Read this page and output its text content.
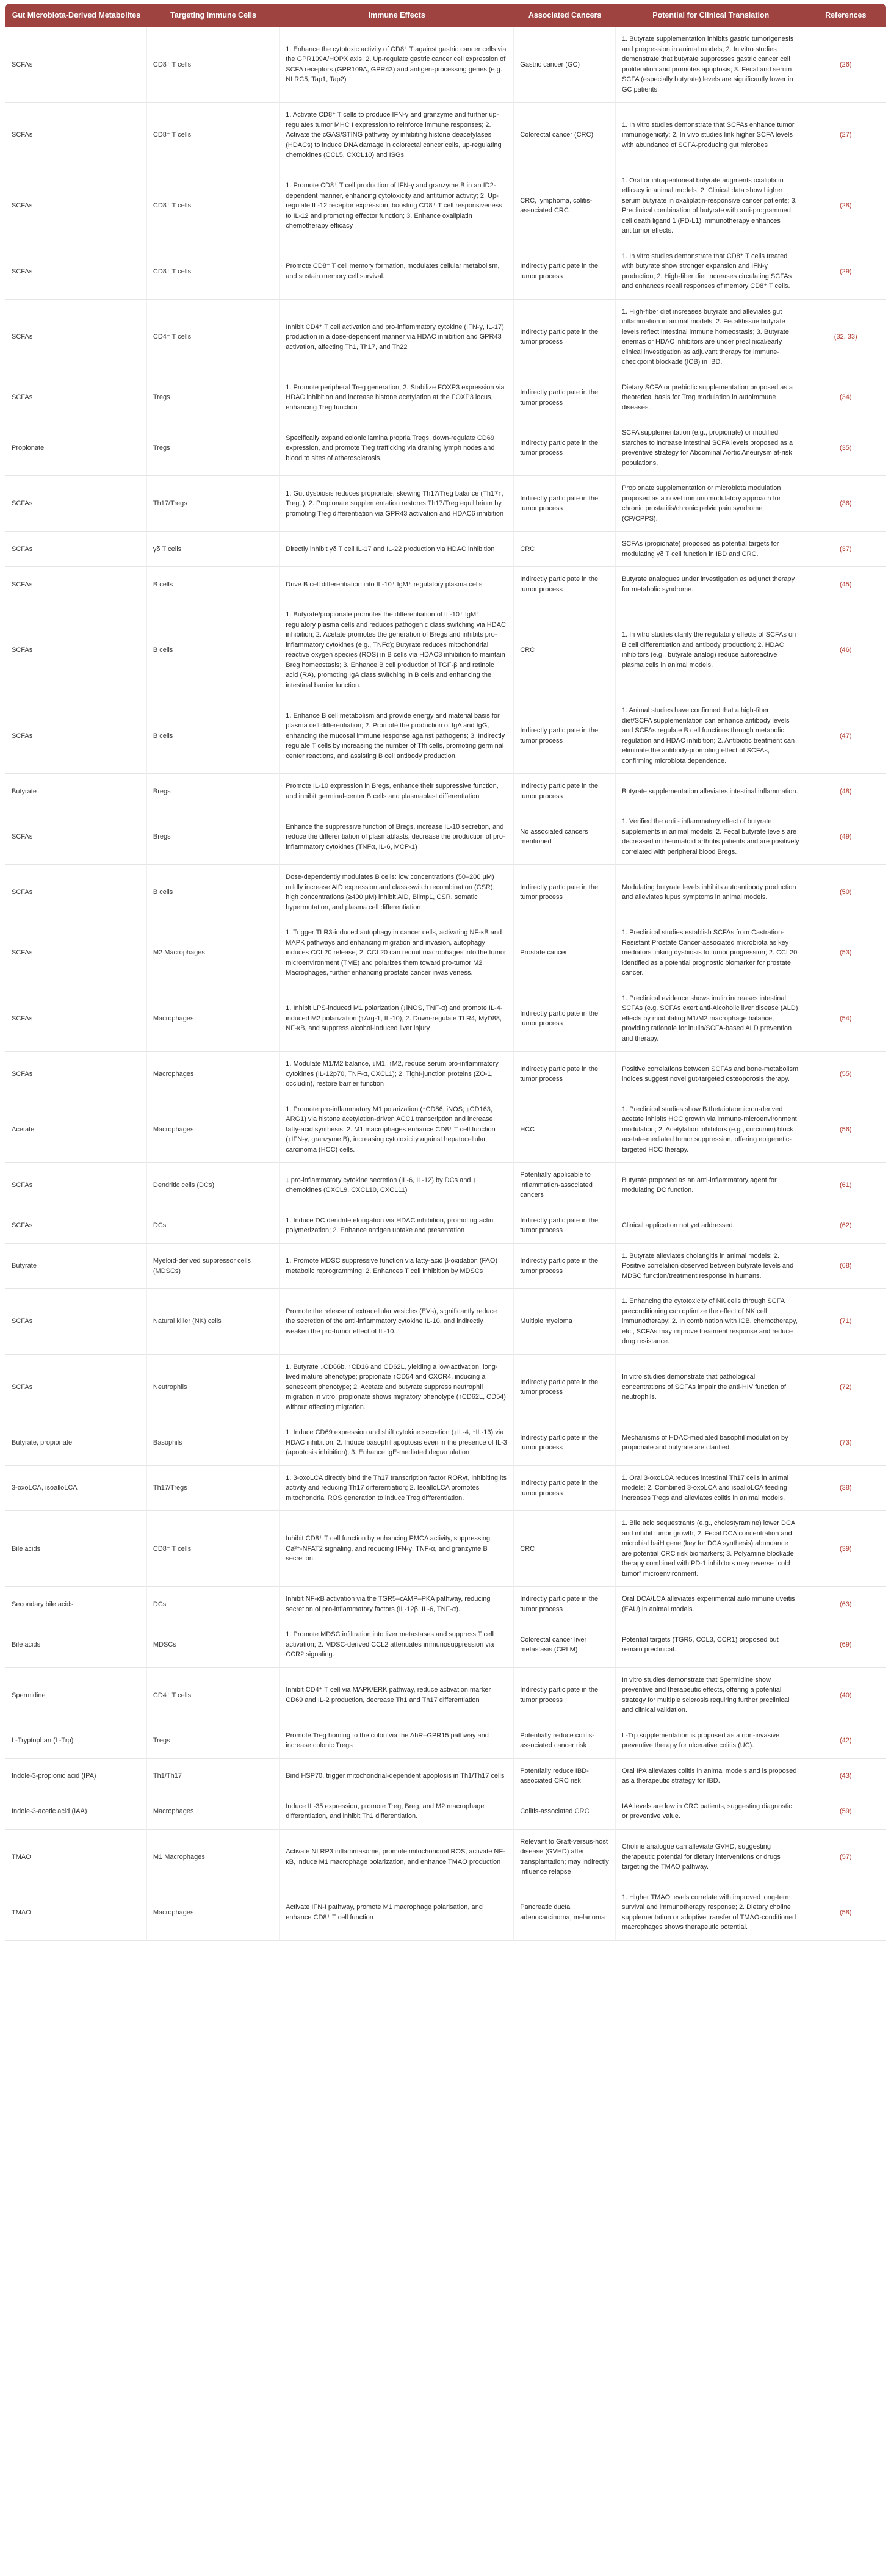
Gut Microbiota-Derived Metabolites	Targeting Immune Cells	Immune Effects	Associated Cancers	Potential for Clinical Translation	References
SCFAs	CD8⁺ T cells	1. Enhance the cytotoxic activity of CD8⁺ T against gastric cancer cells via the GPR109A/HOPX axis; 2. Up-regulate gastric cancer cell expression of SCFA receptors (GPR109A, GPR43) and antigen-processing genes (e.g. NLRC5, Tap1, Tap2)	Gastric cancer (GC)	1. Butyrate supplementation inhibits gastric tumorigenesis and progression in animal models; 2. In vitro studies demonstrate that butyrate suppresses gastric cancer cell proliferation and promotes apoptosis; 3. Fecal and serum SCFA (especially butyrate) levels are significantly lower in GC patients.	(26)
SCFAs	CD8⁺ T cells	1. Activate CD8⁺ T cells to produce IFN-γ and granzyme and further up-regulates tumor MHC I expression to reinforce immune responses; 2. Activate the cGAS/STING pathway by inhibiting histone deacetylases (HDACs) to induce DNA damage in colorectal cancer cells, up-regulating chemokines (CCL5, CXCL10) and ISGs	Colorectal cancer (CRC)	1. In vitro studies demonstrate that SCFAs enhance tumor immunogenicity; 2. In vivo studies link higher SCFA levels with abundance of SCFA-producing gut microbes	(27)
SCFAs	CD8⁺ T cells	1. Promote CD8⁺ T cell production of IFN-γ and granzyme B in an ID2-dependent manner, enhancing cytotoxicity and antitumor activity; 2. Up-regulate IL-12 receptor expression, boosting CD8⁺ T cell responsiveness to IL-12 and promoting effector function; 3. Enhance oxaliplatin chemotherapy efficacy	CRC, lymphoma, colitis-associated CRC	1. Oral or intraperitoneal butyrate augments oxaliplatin efficacy in animal models; 2. Clinical data show higher serum butyrate in oxaliplatin-responsive cancer patients; 3. Preclinical combination of butyrate with anti-programmed cell death ligand 1 (PD-L1) immunotherapy enhances antitumor effects.	(28)
SCFAs	CD8⁺ T cells	Promote CD8⁺ T cell memory formation, modulates cellular metabolism, and sustain memory cell survival.	Indirectly participate in the tumor process	1. In vitro studies demonstrate that CD8⁺ T cells treated with butyrate show stronger expansion and IFN-γ production; 2. High-fiber diet increases circulating SCFAs and enhances recall responses of memory CD8⁺ T cells.	(29)
SCFAs	CD4⁺ T cells	Inhibit CD4⁺ T cell activation and pro-inflammatory cytokine (IFN-γ, IL-17) production in a dose-dependent manner via HDAC inhibition and GPR43 activation, affecting Th1, Th17, and Th22	Indirectly participate in the tumor process	1. High-fiber diet increases butyrate and alleviates gut inflammation in animal models; 2. Fecal/tissue butyrate levels reflect intestinal immune homeostasis; 3. Butyrate enemas or HDAC inhibitors are under preclinical/early clinical investigation as adjuvant therapy for immune-checkpoint blockade (ICB) in IBD.	(32, 33)
SCFAs	Tregs	1. Promote peripheral Treg generation; 2. Stabilize FOXP3 expression via HDAC inhibition and increase histone acetylation at the FOXP3 locus, enhancing Treg function	Indirectly participate in the tumor process	Dietary SCFA or prebiotic supplementation proposed as a theoretical basis for Treg modulation in autoimmune diseases.	(34)
Propionate	Tregs	Specifically expand colonic lamina propria Tregs, down-regulate CD69 expression, and promote Treg trafficking via draining lymph nodes and blood to sites of atherosclerosis.	Indirectly participate in the tumor process	SCFA supplementation (e.g., propionate) or modified starches to increase intestinal SCFA levels proposed as a preventive strategy for Abdominal Aortic Aneurysm at-risk populations.	(35)
SCFAs	Th17/Tregs	1. Gut dysbiosis reduces propionate, skewing Th17/Treg balance (Th17↑, Treg↓); 2. Propionate supplementation restores Th17/Treg equilibrium by promoting Treg differentiation via GPR43 activation and HDAC6 inhibition	Indirectly participate in the tumor process	Propionate supplementation or microbiota modulation proposed as a novel immunomodulatory approach for chronic prostatitis/chronic pelvic pain syndrome (CP/CPPS).	(36)
SCFAs	γδ T cells	Directly inhibit γδ T cell IL-17 and IL-22 production via HDAC inhibition	CRC	SCFAs (propionate) proposed as potential targets for modulating γδ T cell function in IBD and CRC.	(37)
SCFAs	B cells	Drive B cell differentiation into IL-10⁺ IgM⁺ regulatory plasma cells	Indirectly participate in the tumor process	Butyrate analogues under investigation as adjunct therapy for metabolic syndrome.	(45)
SCFAs	B cells	1. Butyrate/propionate promotes the differentiation of IL-10⁺ IgM⁺ regulatory plasma cells and reduces pathogenic class switching via HDAC inhibition; 2. Acetate promotes the generation of Bregs and inhibits pro-inflammatory cytokines (e.g., TNFα); Butyrate reduces mitochondrial reactive oxygen species (ROS) in B cells via HDAC3 inhibition to maintain Breg homeostasis; 3. Enhance B cell production of TGF-β and retinoic acid (RA), promoting IgA class switching in B cells and enhancing the intestinal barrier function.	CRC	1. In vitro studies clarify the regulatory effects of SCFAs on B cell differentiation and antibody production; 2. HDAC inhibitors (e.g., butyrate analog) reduce autoreactive plasma cells in animal models.	(46)
SCFAs	B cells	1. Enhance B cell metabolism and provide energy and material basis for plasma cell differentiation; 2. Promote the production of IgA and IgG, enhancing the mucosal immune response against pathogens; 3. Indirectly regulate T cells by increasing the number of Tfh cells, promoting germinal center reactions, and assisting B cell antibody production.	Indirectly participate in the tumor process	1. Animal studies have confirmed that a high-fiber diet/SCFA supplementation can enhance antibody levels and SCFAs regulate B cell functions through metabolic regulation and HDAC inhibition; 2. Antibiotic treatment can eliminate the antibody-promoting effect of SCFAs, confirming microbiota dependence.	(47)
Butyrate	Bregs	Promote IL-10 expression in Bregs, enhance their suppressive function, and inhibit germinal-center B cells and plasmablast differentiation	Indirectly participate in the tumor process	Butyrate supplementation alleviates intestinal inflammation.	(48)
SCFAs	Bregs	Enhance the suppressive function of Bregs, increase IL-10 secretion, and reduce the differentiation of plasmablasts, decrease the production of pro-inflammatory cytokines (TNFα, IL-6, MCP-1)	No associated cancers mentioned	1. Verified the anti - inflammatory effect of butyrate supplements in animal models; 2. Fecal butyrate levels are decreased in rheumatoid arthritis patients and are positively correlated with peripheral blood Bregs.	(49)
SCFAs	B cells	Dose-dependently modulates B cells: low concentrations (50–200 μM) mildly increase AID expression and class-switch recombination (CSR); high concentrations (≥400 μM) inhibit AID, Blimp1, CSR, somatic hypermutation, and plasma cell differentiation	Indirectly participate in the tumor process	Modulating butyrate levels inhibits autoantibody production and alleviates lupus symptoms in animal models.	(50)
SCFAs	M2 Macrophages	1. Trigger TLR3-induced autophagy in cancer cells, activating NF-κB and MAPK pathways and enhancing migration and invasion, autophagy induces CCL20 release; 2. CCL20 can recruit macrophages into the tumor microenvironment (TME) and polarizes them toward pro-tumor M2 Macrophages, further enhancing prostate cancer invasiveness.	Prostate cancer	1. Preclinical studies establish SCFAs from Castration-Resistant Prostate Cancer-associated microbiota as key mediators linking dysbiosis to tumor progression; 2. CCL20 identified as a potential prognostic biomarker for prostate cancer.	(53)
SCFAs	Macrophages	1. Inhibit LPS-induced M1 polarization (↓iNOS, TNF-α) and promote IL-4-induced M2 polarization (↑Arg-1, IL-10); 2. Down-regulate TLR4, MyD88, NF-κB, and suppress alcohol-induced liver injury	Indirectly participate in the tumor process	1. Preclinical evidence shows inulin increases intestinal SCFAs (e.g. SCFAs exert anti-Alcoholic liver disease (ALD) effects by modulating M1/M2 macrophage balance, providing rationale for inulin/SCFA-based ALD prevention and therapy.	(54)
SCFAs	Macrophages	1. Modulate M1/M2 balance, ↓M1, ↑M2, reduce serum pro-inflammatory cytokines (IL-12p70, TNF-α, CXCL1); 2. Tight-junction proteins (ZO-1, occludin), restore barrier function	Indirectly participate in the tumor process	Positive correlations between SCFAs and bone-metabolism indices suggest novel gut-targeted osteoporosis therapy.	(55)
Acetate	Macrophages	1. Promote pro-inflammatory M1 polarization (↑CD86, iNOS; ↓CD163, ARG1) via histone acetylation-driven ACC1 transcription and increase fatty-acid synthesis; 2. M1 macrophages enhance CD8⁺ T cell function (↑IFN-γ, granzyme B), increasing cytotoxicity against hepatocellular carcinoma (HCC) cells.	HCC	1. Preclinical studies show B.thetaiotaomicron-derived acetate inhibits HCC growth via immune-microenvironment modulation; 2. Acetylation inhibitors (e.g., curcumin) block acetate-mediated tumor suppression, offering epigenetic-targeted HCC therapy.	(56)
SCFAs	Dendritic cells (DCs)	↓ pro-inflammatory cytokine secretion (IL-6, IL-12) by DCs and ↓ chemokines (CXCL9, CXCL10, CXCL11)	Potentially applicable to inflammation-associated cancers	Butyrate proposed as an anti-inflammatory agent for modulating DC function.	(61)
SCFAs	DCs	1. Induce DC dendrite elongation via HDAC inhibition, promoting actin polymerization; 2. Enhance antigen uptake and presentation	Indirectly participate in the tumor process	Clinical application not yet addressed.	(62)
Butyrate	Myeloid-derived suppressor cells (MDSCs)	1. Promote MDSC suppressive function via fatty-acid β-oxidation (FAO) metabolic reprogramming; 2. Enhances T cell inhibition by MDSCs	Indirectly participate in the tumor process	1. Butyrate alleviates cholangitis in animal models; 2. Positive correlation observed between butyrate levels and MDSC function/treatment response in humans.	(68)
SCFAs	Natural killer (NK) cells	Promote the release of extracellular vesicles (EVs), significantly reduce the secretion of the anti-inflammatory cytokine IL-10, and indirectly weaken the pro-tumor effect of IL-10.	Multiple myeloma	1. Enhancing the cytotoxicity of NK cells through SCFA preconditioning can optimize the effect of NK cell immunotherapy; 2. In combination with ICB, chemotherapy, etc., SCFAs may improve treatment response and reduce drug resistance.	(71)
SCFAs	Neutrophils	1. Butyrate ↓CD66b, ↑CD16 and CD62L, yielding a low-activation, long-lived mature phenotype; propionate ↑CD54 and CXCR4, inducing a senescent phenotype; 2. Acetate and butyrate suppress neutrophil migration in vitro; propionate shows migratory phenotype (↑CD62L, CD54) without affecting migration.	Indirectly participate in the tumor process	In vitro studies demonstrate that pathological concentrations of SCFAs impair the anti-HIV function of neutrophils.	(72)
Butyrate, propionate	Basophils	1. Induce CD69 expression and shift cytokine secretion (↓IL-4, ↑IL-13) via HDAC inhibition; 2. Induce basophil apoptosis even in the presence of IL-3 (apoptosis inhibition); 3. Enhance IgE-mediated degranulation	Indirectly participate in the tumor process	Mechanisms of HDAC-mediated basophil modulation by propionate and butyrate are clarified.	(73)
3-oxoLCA, isoalloLCA	Th17/Tregs	1. 3-oxoLCA directly bind the Th17 transcription factor RORγt, inhibiting its activity and reducing Th17 differentiation; 2. IsoalloLCA promotes mitochondrial ROS generation to induce Treg differentiation.	Indirectly participate in the tumor process	1. Oral 3-oxoLCA reduces intestinal Th17 cells in animal models; 2. Combined 3-oxoLCA and isoalloLCA feeding increases Tregs and alleviates colitis in animal models.	(38)
Bile acids	CD8⁺ T cells	Inhibit CD8⁺ T cell function by enhancing PMCA activity, suppressing Ca²⁺-NFAT2 signaling, and reducing IFN-γ, TNF-α, and granzyme B secretion.	CRC	1. Bile acid sequestrants (e.g., cholestyramine) lower DCA and inhibit tumor growth; 2. Fecal DCA concentration and microbial baiH gene (key for DCA synthesis) abundance are potential CRC risk biomarkers; 3. Polyamine blockade therapy combined with PD-1 inhibitors may reverse “cold tumor” microenvironment.	(39)
Secondary bile acids	DCs	Inhibit NF-κB activation via the TGR5–cAMP–PKA pathway, reducing secretion of pro-inflammatory factors (IL-12β, IL-6, TNF-α).	Indirectly participate in the tumor process	Oral DCA/LCA alleviates experimental autoimmune uveitis (EAU) in animal models.	(63)
Bile acids	MDSCs	1. Promote MDSC infiltration into liver metastases and suppress T cell activation; 2. MDSC-derived CCL2 attenuates immunosuppression via CCR2 signaling.	Colorectal cancer liver metastasis (CRLM)	Potential targets (TGR5, CCL3, CCR1) proposed but remain preclinical.	(69)
Spermidine	CD4⁺ T cells	Inhibit CD4⁺ T cell via MAPK/ERK pathway, reduce activation marker CD69 and IL-2 production, decrease Th1 and Th17 differentiation	Indirectly participate in the tumor process	In vitro studies demonstrate that Spermidine show preventive and therapeutic effects, offering a potential strategy for multiple sclerosis requiring further preclinical and clinical validation.	(40)
L-Tryptophan (L-Trp)	Tregs	Promote Treg homing to the colon via the AhR–GPR15 pathway and increase colonic Tregs	Potentially reduce colitis-associated cancer risk	L-Trp supplementation is proposed as a non-invasive preventive therapy for ulcerative colitis (UC).	(42)
Indole-3-propionic acid (IPA)	Th1/Th17	Bind HSP70, trigger mitochondrial-dependent apoptosis in Th1/Th17 cells	Potentially reduce IBD-associated CRC risk	Oral IPA alleviates colitis in animal models and is proposed as a therapeutic strategy for IBD.	(43)
Indole-3-acetic acid (IAA)	Macrophages	Induce IL-35 expression, promote Treg, Breg, and M2 macrophage differentiation, and inhibit Th1 differentiation.	Colitis-associated CRC	IAA levels are low in CRC patients, suggesting diagnostic or preventive value.	(59)
TMAO	M1 Macrophages	Activate NLRP3 inflammasome, promote mitochondrial ROS, activate NF-κB, induce M1 macrophage polarization, and enhance TMAO production	Relevant to Graft-versus-host disease (GVHD) after transplantation; may indirectly influence relapse	Choline analogue can alleviate GVHD, suggesting therapeutic potential for dietary interventions or drugs targeting the TMAO pathway.	(57)
TMAO	Macrophages	Activate IFN-I pathway, promote M1 macrophage polarisation, and enhance CD8⁺ T cell function	Pancreatic ductal adenocarcinoma, melanoma	1. Higher TMAO levels correlate with improved long-term survival and immunotherapy response; 2. Dietary choline supplementation or adoptive transfer of TMAO-conditioned macrophages shows therapeutic potential.	(58)
